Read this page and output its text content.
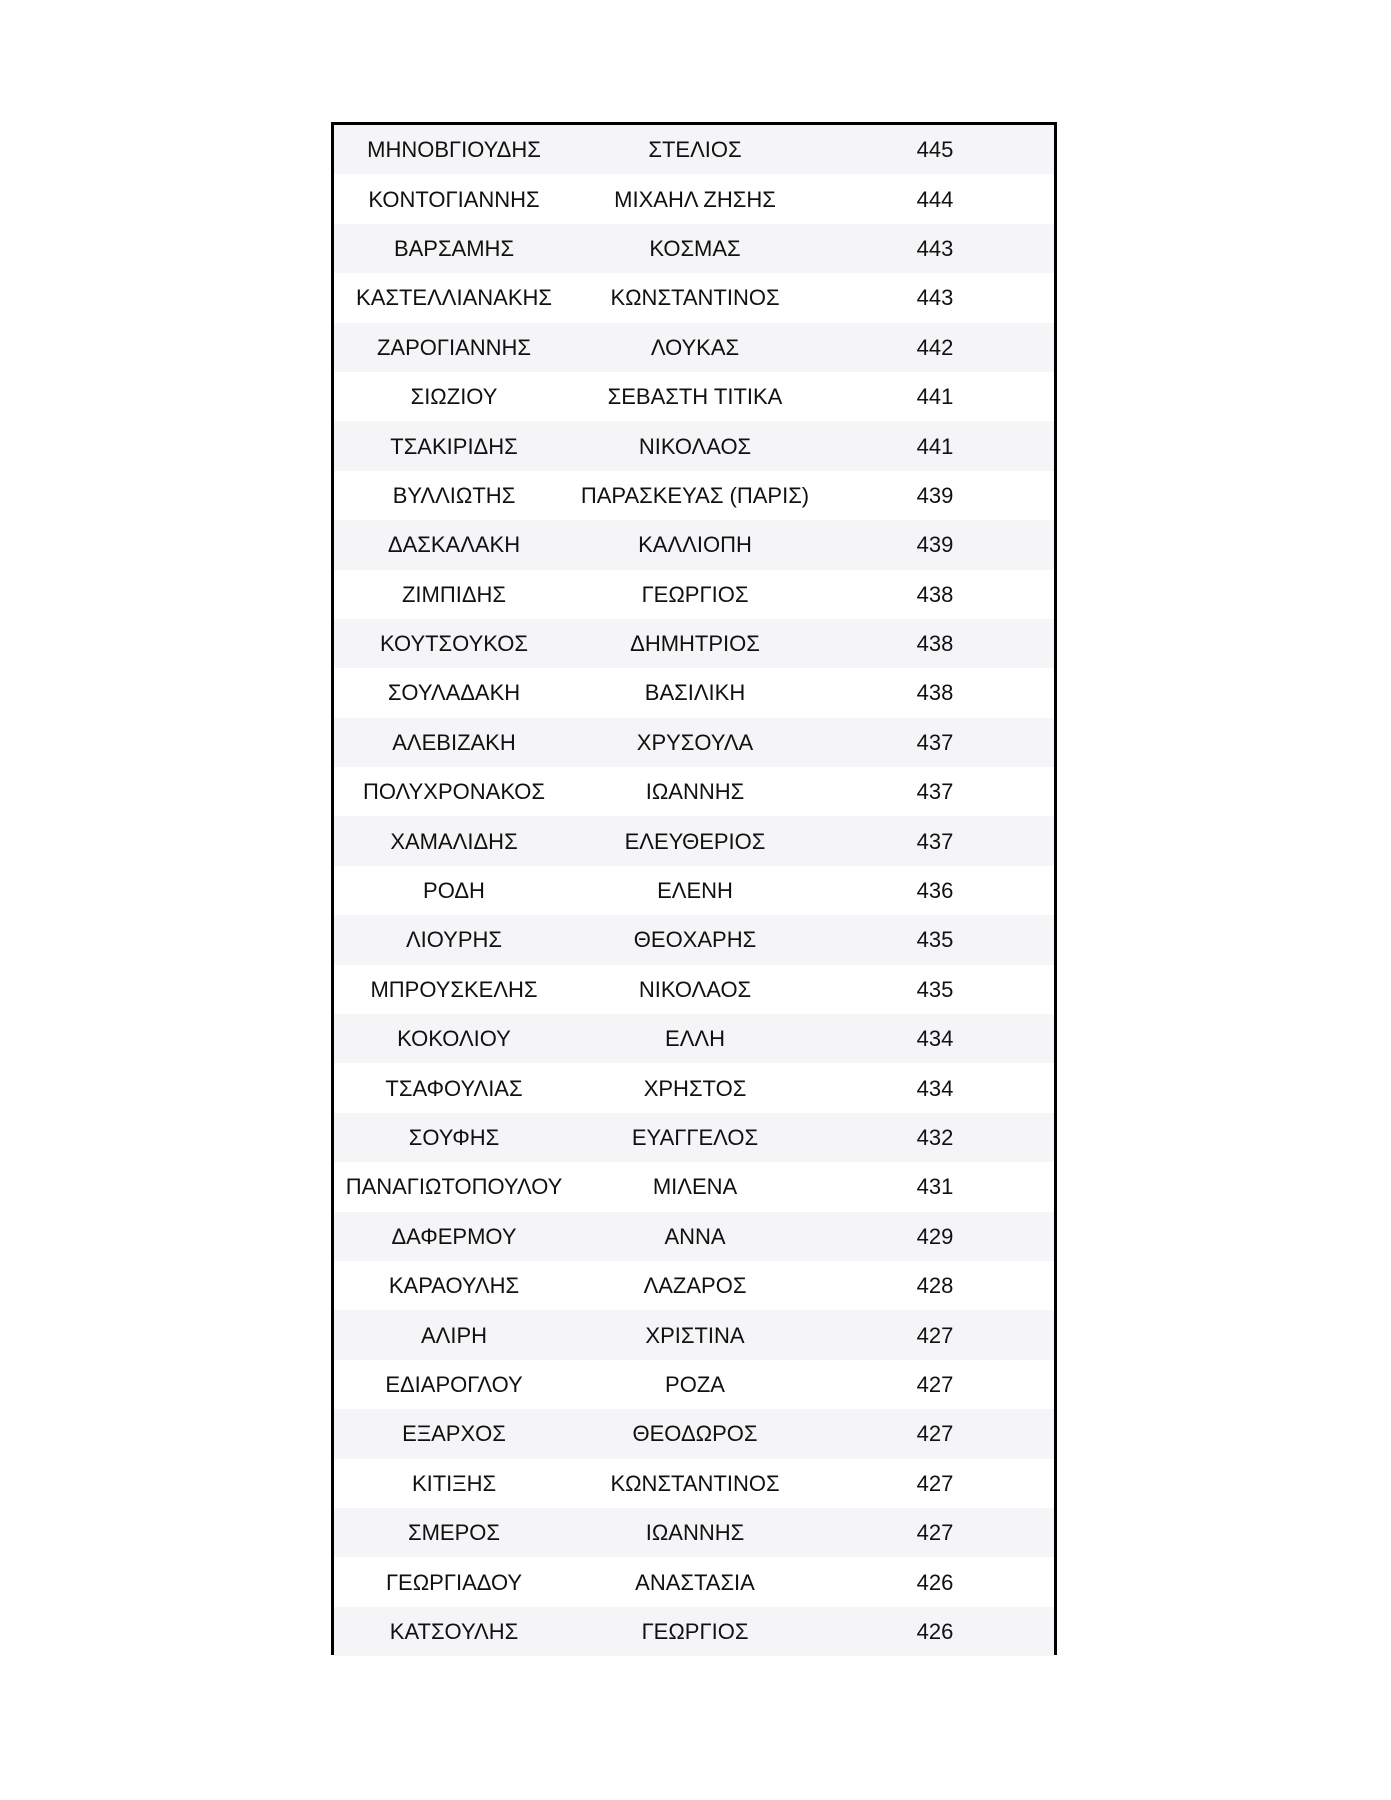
ΜΗΝΟΒΓΙΟΥΔΗΣ	ΣΤΕΛΙΟΣ	445
ΚΟΝΤΟΓΙΑΝΝΗΣ	ΜΙΧΑΗΛ ΖΗΣΗΣ	444
ΒΑΡΣΑΜΗΣ	ΚΟΣΜΑΣ	443
ΚΑΣΤΕΛΛΙΑΝΑΚΗΣ	ΚΩΝΣΤΑΝΤΙΝΟΣ	443
ΖΑΡΟΓΙΑΝΝΗΣ	ΛΟΥΚΑΣ	442
ΣΙΩΖΙΟΥ	ΣΕΒΑΣΤΗ ΤΙΤΙΚΑ	441
ΤΣΑΚΙΡΙΔΗΣ	ΝΙΚΟΛΑΟΣ	441
ΒΥΛΛΙΩΤΗΣ	ΠΑΡΑΣΚΕΥΑΣ (ΠΑΡΙΣ)	439
ΔΑΣΚΑΛΑΚΗ	ΚΑΛΛΙΟΠΗ	439
ΖΙΜΠΙΔΗΣ	ΓΕΩΡΓΙΟΣ	438
ΚΟΥΤΣΟΥΚΟΣ	ΔΗΜΗΤΡΙΟΣ	438
ΣΟΥΛΑΔΑΚΗ	ΒΑΣΙΛΙΚΗ	438
ΑΛΕΒΙΖΑΚΗ	ΧΡΥΣΟΥΛΑ	437
ΠΟΛΥΧΡΟΝΑΚΟΣ	ΙΩΑΝΝΗΣ	437
ΧΑΜΑΛΙΔΗΣ	ΕΛΕΥΘΕΡΙΟΣ	437
ΡΟΔΗ	ΕΛΕΝΗ	436
ΛΙΟΥΡΗΣ	ΘΕΟΧΑΡΗΣ	435
ΜΠΡΟΥΣΚΕΛΗΣ	ΝΙΚΟΛΑΟΣ	435
ΚΟΚΟΛΙΟΥ	ΕΛΛΗ	434
ΤΣΑΦΟΥΛΙΑΣ	ΧΡΗΣΤΟΣ	434
ΣΟΥΦΗΣ	ΕΥΑΓΓΕΛΟΣ	432
ΠΑΝΑΓΙΩΤΟΠΟΥΛΟΥ	ΜΙΛΕΝΑ	431
ΔΑΦΕΡΜΟΥ	ΑΝΝΑ	429
ΚΑΡΑΟΥΛΗΣ	ΛΑΖΑΡΟΣ	428
ΑΛΙΡΗ	ΧΡΙΣΤΙΝΑ	427
ΕΔΙΑΡΟΓΛΟΥ	ΡΟΖΑ	427
ΕΞΑΡΧΟΣ	ΘΕΟΔΩΡΟΣ	427
ΚΙΤΙΞΗΣ	ΚΩΝΣΤΑΝΤΙΝΟΣ	427
ΣΜΕΡΟΣ	ΙΩΑΝΝΗΣ	427
ΓΕΩΡΓΙΑΔΟΥ	ΑΝΑΣΤΑΣΙΑ	426
ΚΑΤΣΟΥΛΗΣ	ΓΕΩΡΓΙΟΣ	426
